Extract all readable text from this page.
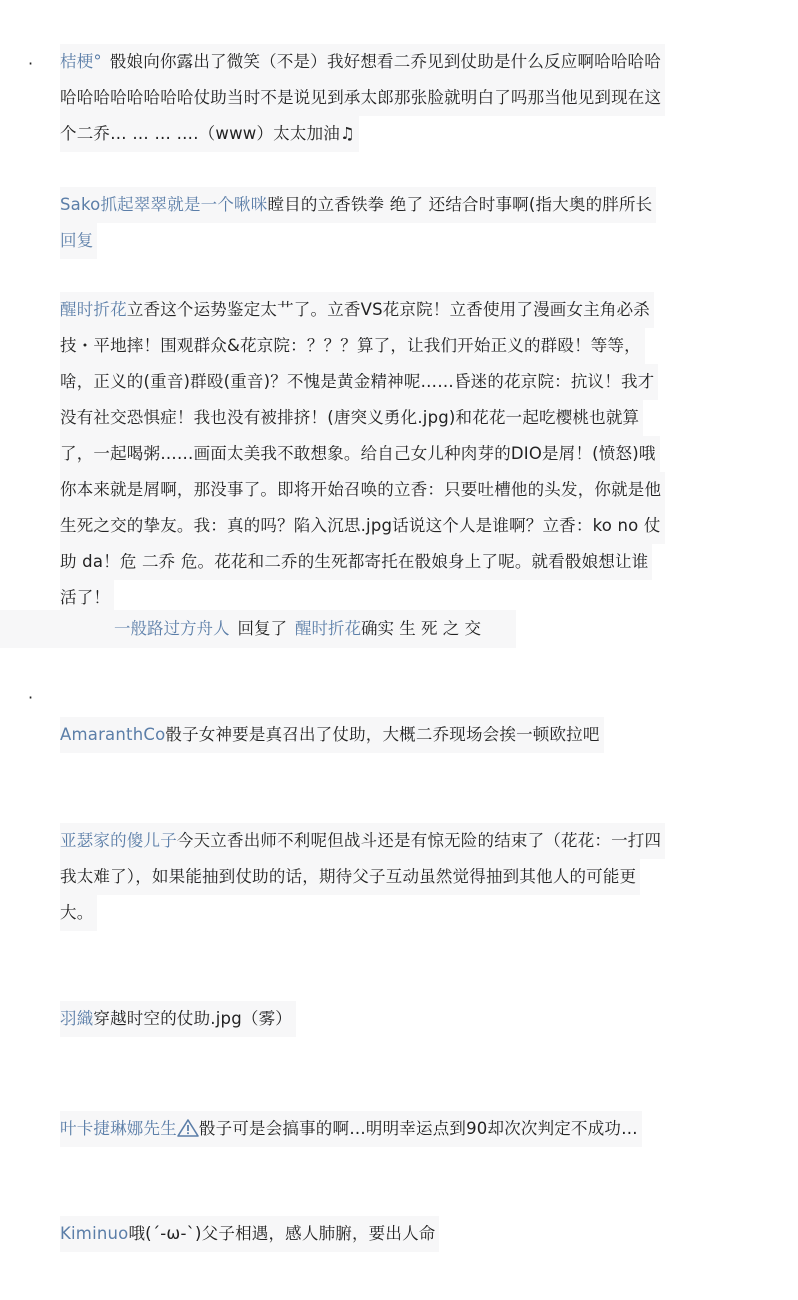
·
·
桔梗° 骰娘向你露出了微笑（不是）我好想看二乔见到仗助是什么反应啊哈哈哈哈
哈哈哈哈哈哈哈哈仗助当时不是说见到承太郎那张脸就明白了吗那当他见到现在这
个二乔… … … ….（www）太太加油♫
Sako抓起翠翠就是一个啾咪瞠目的立香铁拳 绝了 还结合时事啊(指大奥的胖所长
回复
醒时折花立香这个运势鉴定太艹了。立香VS花京院！立香使用了漫画女主角必杀
技・平地摔！围观群众&花京院：？？？算了，让我们开始正义的群殴！等等，
啥，正义的(重音)群殴(重音)？不愧是黄金精神呢……昏迷的花京院：抗议！我才
没有社交恐惧症！我也没有被排挤！(唐突义勇化.jpg)和花花一起吃樱桃也就算
了，一起喝粥……画面太美我不敢想象。给自己女儿种肉芽的DIO是屑！(愤怒)哦
你本来就是屑啊，那没事了。即将开始召唤的立香：只要吐槽他的头发，你就是他
生死之交的挚友。我：真的吗？陷入沉思.jpg话说这个人是谁啊？立香：ko no 仗
助 da！危 二乔 危。花花和二乔的生死都寄托在骰娘身上了呢。就看骰娘想让谁
活了！
一般路过方舟人 回复了 醒时折花确实 生 死 之 交
AmaranthCo骰子女神要是真召出了仗助，大概二乔现场会挨一顿欧拉吧
亚瑟家的傻儿子今天立香出师不利呢但战斗还是有惊无险的结束了（花花：一打四
我太难了），如果能抽到仗助的话，期待父子互动虽然觉得抽到其他人的可能更
大。
羽織穿越时空的仗助.jpg（雾）
叶卡捷琳娜先生 骰子可是会搞事的啊…明明幸运点到90却次次判定不成功…
Kiminuo哦(´-ω-`)父子相遇，感人肺腑，要出人命
